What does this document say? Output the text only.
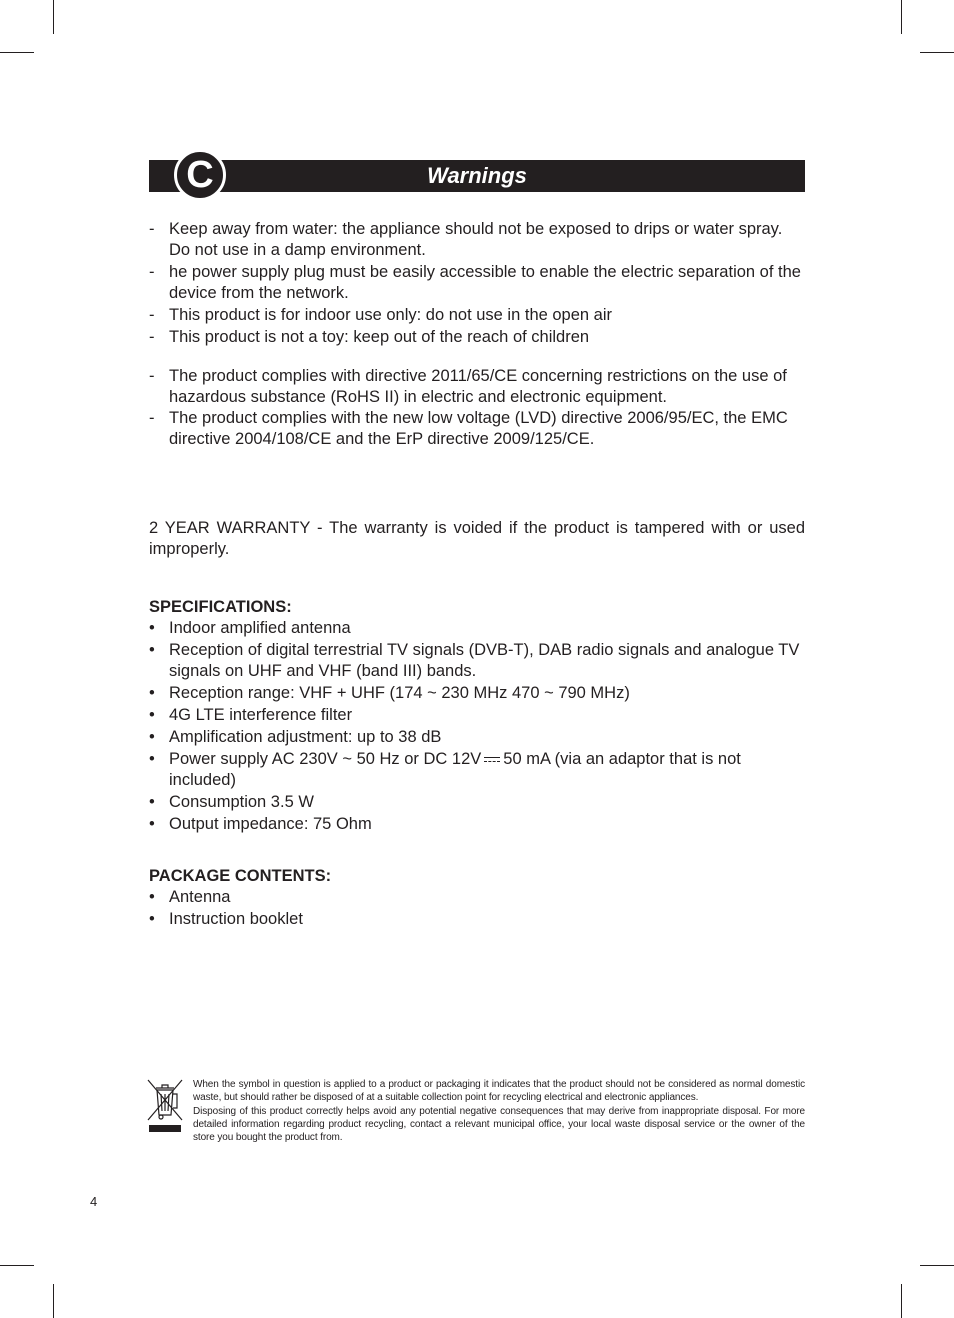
Warnings
C
- Keep away from water: the appliance should not be exposed to drips or water spray. Do not use in a damp environment.
- he power supply plug must be easily accessible to enable the electric separation of the device from the network.
- This product is for indoor use only: do not use in the open air
- This product is not a toy: keep out of the reach of children
- The product complies with directive 2011/65/CE concerning restrictions on the use of hazardous substance (RoHS II) in electric and electronic equipment.
- The product complies with the new low voltage (LVD) directive 2006/95/EC, the EMC directive 2004/108/CE and the ErP directive 2009/125/CE.

2 YEAR WARRANTY - The warranty is voided if the product is tampered with or used improperly.

SPECIFICATIONS:
• Indoor amplified antenna
• Reception of digital terrestrial TV signals (DVB-T), DAB radio signals and analogue TV signals on UHF and VHF (band III) bands.
• Reception range: VHF + UHF (174 ~ 230 MHz 470 ~ 790 MHz)
• 4G LTE interference filter
• Amplification adjustment: up to 38 dB
• Power supply AC 230V ~ 50 Hz or DC 12V 50 mA (via an adaptor that is not included)
• Consumption 3.5 W
• Output impedance: 75 Ohm
PACKAGE CONTENTS:
• Antenna
• Instruction booklet

When the symbol in question is applied to a product or packaging it indicates that the product should not be considered as normal domestic waste, but should rather be disposed of at a suitable collection point for recycling electrical and electronic appliances.

Disposing of this product correctly helps avoid any potential negative consequences that may derive from inappropriate disposal. For more detailed information regarding product recycling, contact a relevant municipal office, your local waste disposal service or the owner of the store you bought the product from.

4
